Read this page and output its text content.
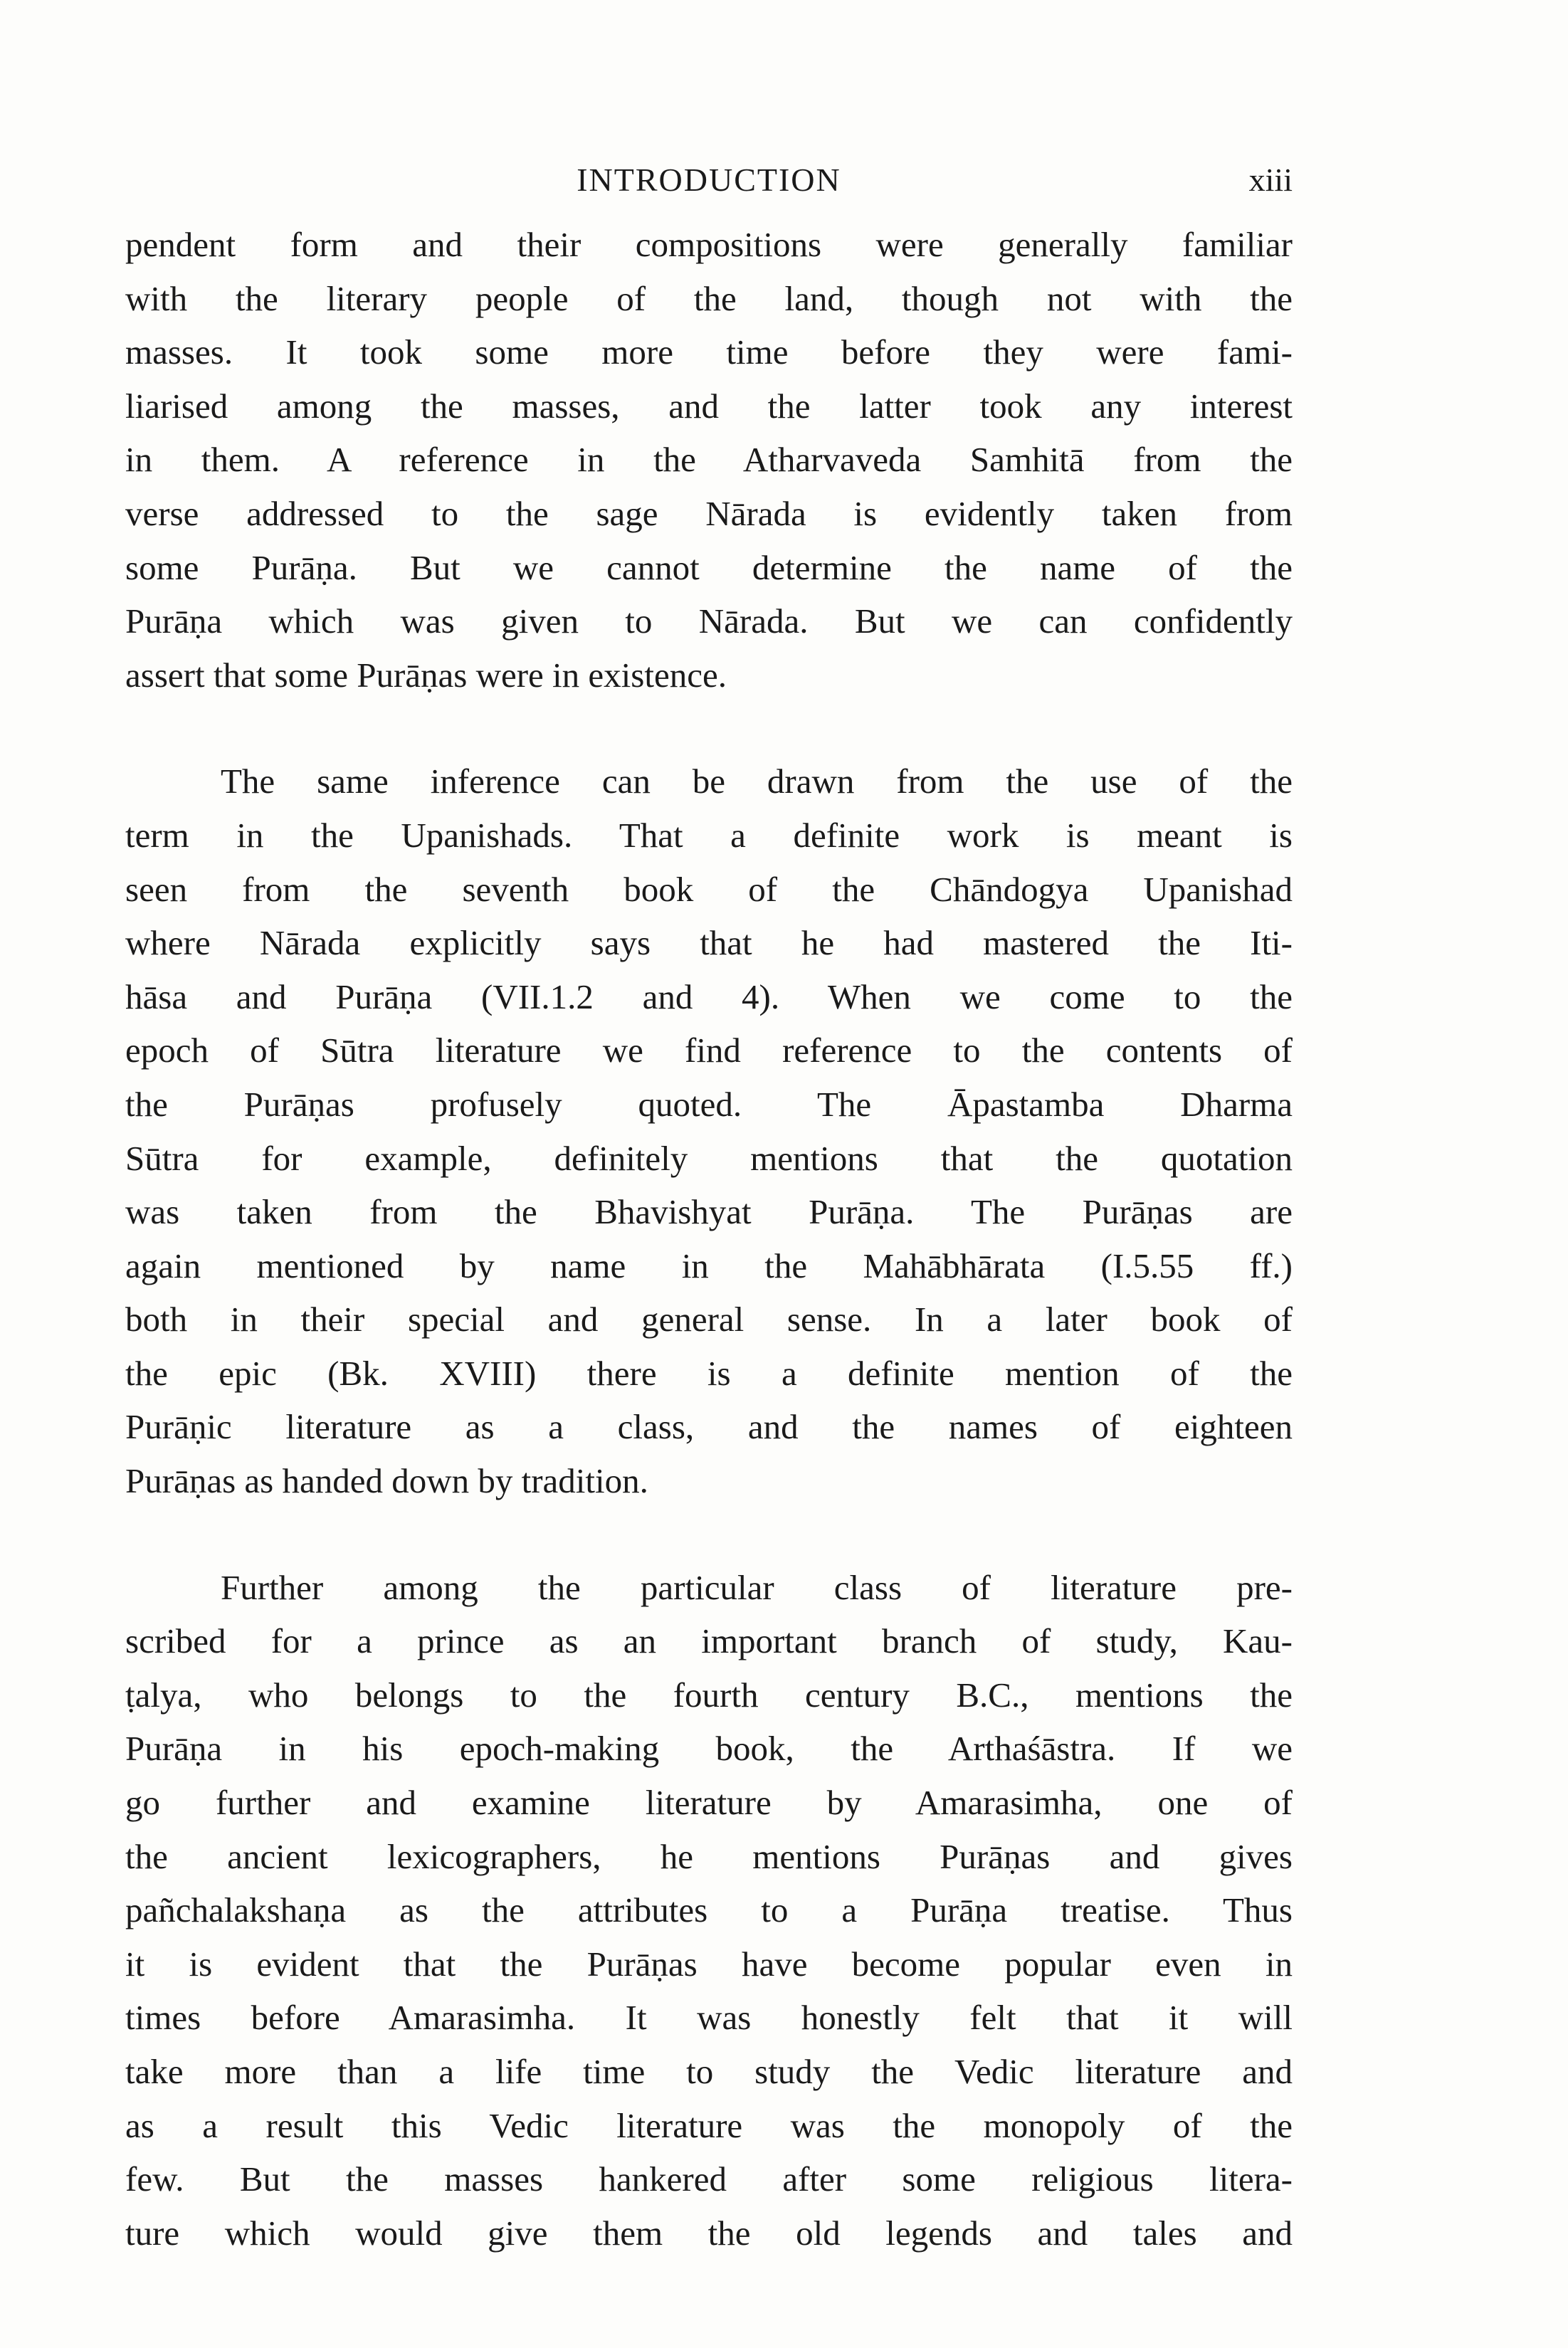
INTRODUCTION	xiii
pendent form and their compositions were generally familiar
with the literary people of the land, though not with the
masses. It took some more time before they were fami-
liarised among the masses, and the latter took any interest
in them. A reference in the Atharvaveda Samhitā from the
verse addressed to the sage Nārada is evidently taken from
some Purāṇa. But we cannot determine the name of the
Purāṇa which was given to Nārada. But we can confidently
assert that some Purāṇas were in existence.
The same inference can be drawn from the use of the
term in the Upanishads. That a definite work is meant is
seen from the seventh book of the Chāndogya Upanishad
where Nārada explicitly says that he had mastered the Iti-
hāsa and Purāṇa (VII.1.2 and 4). When we come to the
epoch of Sūtra literature we find reference to the contents of
the Purāṇas profusely quoted. The Āpastamba Dharma
Sūtra for example, definitely mentions that the quotation
was taken from the Bhavishyat Purāṇa. The Purāṇas are
again mentioned by name in the Mahābhārata (I.5.55 ff.)
both in their special and general sense. In a later book of
the epic (Bk. XVIII) there is a definite mention of the
Purāṇic literature as a class, and the names of eighteen
Purāṇas as handed down by tradition.
Further among the particular class of literature pre-
scribed for a prince as an important branch of study, Kau-
ṭalya, who belongs to the fourth century B.C., mentions the
Purāṇa in his epoch-making book, the Arthaśāstra. If we
go further and examine literature by Amarasimha, one of
the ancient lexicographers, he mentions Purāṇas and gives
pañchalakshaṇa as the attributes to a Purāṇa treatise. Thus
it is evident that the Purāṇas have become popular even in
times before Amarasimha. It was honestly felt that it will
take more than a life time to study the Vedic literature and
as a result this Vedic literature was the monopoly of the
few. But the masses hankered after some religious litera-
ture which would give them the old legends and tales and
